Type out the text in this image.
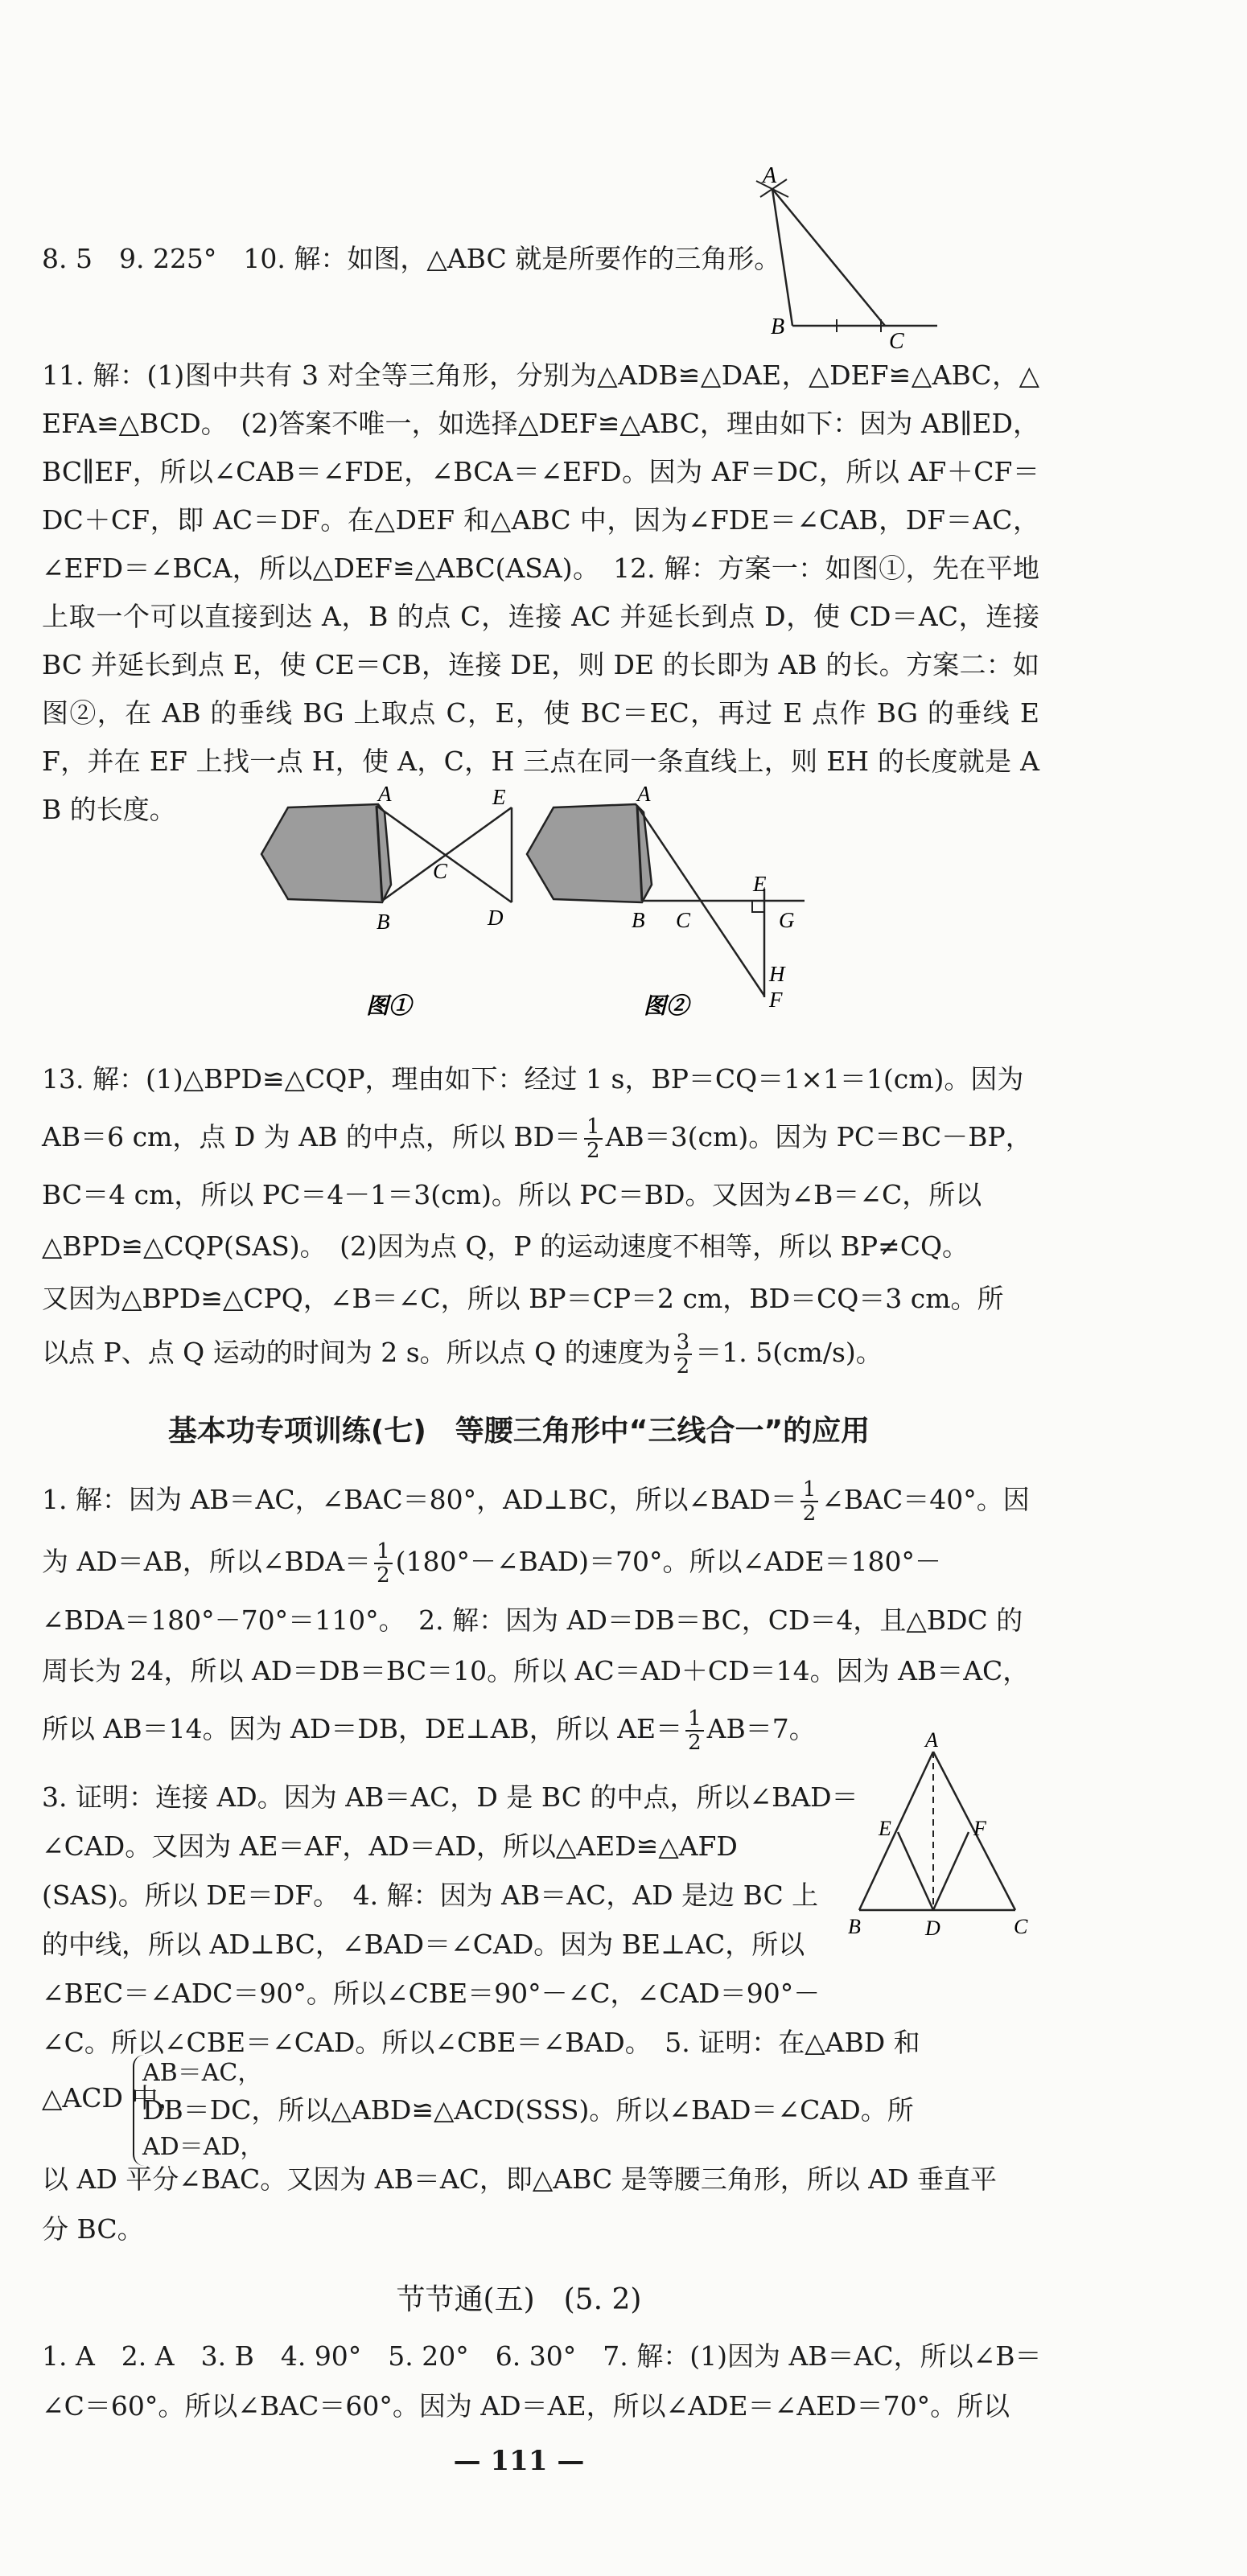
8. 5　9. 225°　10. 解：如图，△ABC 就是所要作的三角形。

A
B
C

11. 解：(1)图中共有 3 对全等三角形，分别为△ADB≌△DAE，△DEF≌△ABC，△EFA≌△BCD。　(2)答案不唯一，如选择△DEF≌△ABC，理由如下：因为 AB∥ED，BC∥EF，所以∠CAB＝∠FDE，∠BCA＝∠EFD。因为 AF＝DC，所以 AF＋CF＝DC＋CF，即 AC＝DF。在△DEF 和△ABC 中，因为∠FDE＝∠CAB，DF＝AC，∠EFD＝∠BCA，所以△DEF≌△ABC(ASA)。　12. 解：方案一：如图①，先在平地上取一个可以直接到达 A，B 的点 C，连接 AC 并延长到点 D，使 CD＝AC，连接 BC 并延长到点 E，使 CE＝CB，连接 DE，则 DE 的长即为 AB 的长。方案二：如图②，在 AB 的垂线 BG 上取点 C，E，使 BC＝EC，再过 E 点作 BG 的垂线 EF，并在 EF 上找一点 H，使 A，C，H 三点在同一条直线上，则 EH 的长度就是 AB 的长度。	A
B
C
D
E
图①
A
B C
E
G
H
F
图②

13. 解：(1)△BPD≌△CQP，理由如下：经过 1 s，BP＝CQ＝1×1＝1(cm)。因为

AB＝6 cm，点 D 为 AB 的中点，所以 $BD= \frac{1}{2} AB=3(cm)$。因为 PC＝BC－BP，

BC＝4 cm，所以 PC＝4－1＝3(cm)。所以 PC＝BD。又因为∠B＝∠C，所以

△BPD≌△CQP(SAS)。　(2)因为点 Q，P 的运动速度不相等，所以 BP≠CQ。

又因为△BPD≌△CPQ，∠B＝∠C，所以 BP＝CP＝2 cm，BD＝CQ＝3 cm。所

以点 P、点 Q 运动的时间为 2 s。所以点 Q 的速度为 $\frac{3}{2} =1$. 5(cm/s)。

基本功专项训练(七)　等腰三角形中“三线合一”的应用

1. 解：因为 AB＝AC，∠BAC＝80°，AD⊥BC，所以∠BAD＝ $\frac{1}{2}$ ∠BAC＝40°。因

为 AD＝AB，所以∠BDA＝ $\frac{1}{2}$ (180°－∠BAD)＝70°。所以∠ADE＝180°－

∠BDA＝180°－70°＝110°。　2. 解：因为 AD＝DB＝BC，CD＝4，且△BDC 的

周长为 24，所以 AD＝DB＝BC＝10。所以 AC＝AD＋CD＝14。因为 AB＝AC，

所以 AB＝14。因为 AD＝DB，DE⊥AB，所以 $AE= \frac{1}{2} AB=7$。

3. 证明：连接 AD。因为 AB＝AC，D 是 BC 的中点，所以∠BAD＝

∠CAD。又因为 AE＝AF，AD＝AD，所以△AED≌△AFD

(SAS)。所以 DE＝DF。　4. 解：因为 AB＝AC，AD 是边 BC 上

的中线，所以 AD⊥BC，∠BAD＝∠CAD。因为 BE⊥AC，所以

∠BEC＝∠ADC＝90°。所以∠CBE＝90°－∠C，∠CAD＝90°－

∠C。所以∠CBE＝∠CAD。所以∠CBE＝∠BAD。　5. 证明：在△ABD 和

A
E	F
B	D	C

△ACD 中，

AB＝AC，
DB＝DC，所以△ABD≌△ACD(SSS)。所以∠BAD＝∠CAD。所
AD＝AD，

以 AD 平分∠BAC。又因为 AB＝AC，即△ABC 是等腰三角形，所以 AD 垂直平

分 BC。

节节通(五)　(5. 2)

1. A　2. A　3. B　4. 90°　5. 20°　6. 30°　7. 解：(1)因为 AB＝AC，所以∠B＝

∠C＝60°。所以∠BAC＝60°。因为 AD＝AE，所以∠ADE＝∠AED＝70°。所以

— 111 —
